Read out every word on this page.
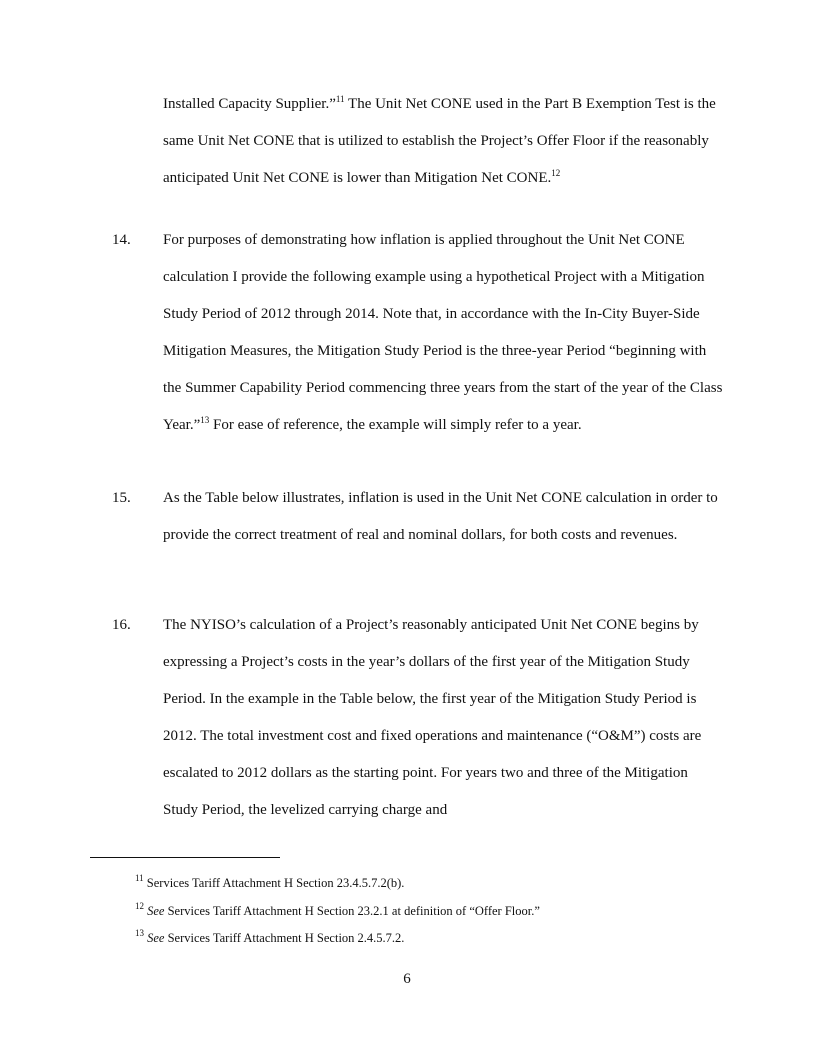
Installed Capacity Supplier.”$^{11}$ The Unit Net CONE used in the Part B Exemption Test is the same Unit Net CONE that is utilized to establish the Project’s Offer Floor if the reasonably anticipated Unit Net CONE is lower than Mitigation Net CONE.$^{12}$
14.	For purposes of demonstrating how inflation is applied throughout the Unit Net CONE calculation I provide the following example using a hypothetical Project with a Mitigation Study Period of 2012 through 2014. Note that, in accordance with the In-City Buyer-Side Mitigation Measures, the Mitigation Study Period is the three-year Period “beginning with the Summer Capability Period commencing three years from the start of the year of the Class Year.”$^{13}$ For ease of reference, the example will simply refer to a year.
15.	As the Table below illustrates, inflation is used in the Unit Net CONE calculation in order to provide the correct treatment of real and nominal dollars, for both costs and revenues.
16.	The NYISO’s calculation of a Project’s reasonably anticipated Unit Net CONE begins by expressing a Project’s costs in the year’s dollars of the first year of the Mitigation Study Period. In the example in the Table below, the first year of the Mitigation Study Period is 2012. The total investment cost and fixed operations and maintenance (“O&M”) costs are escalated to 2012 dollars as the starting point. For years two and three of the Mitigation Study Period, the levelized carrying charge and
$^{11}$ Services Tariff Attachment H Section 23.4.5.7.2(b).
$^{12}$ See Services Tariff Attachment H Section 23.2.1 at definition of “Offer Floor.”
$^{13}$ See Services Tariff Attachment H Section 2.4.5.7.2.
6
